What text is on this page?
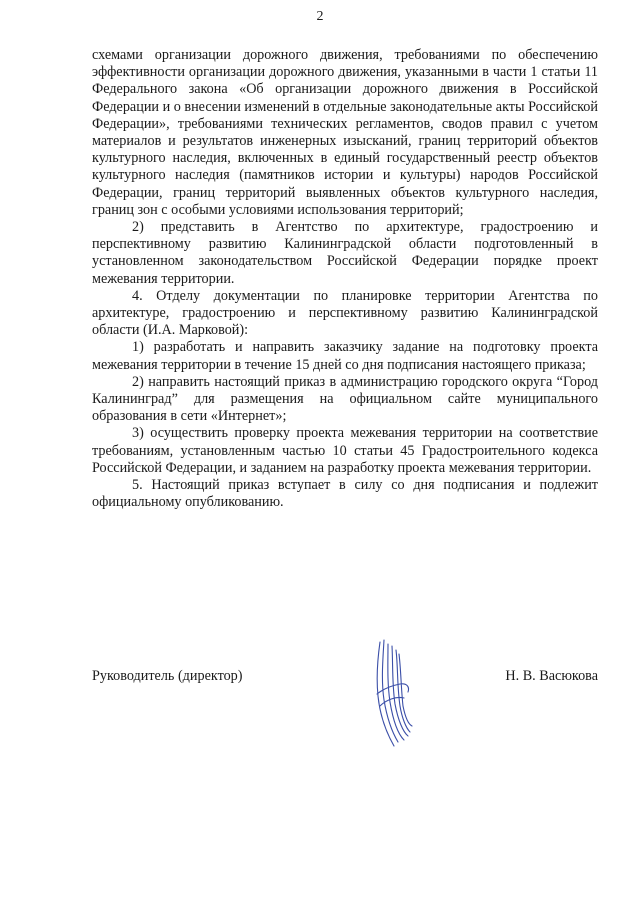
2

схемами организации дорожного движения, требованиями по обеспечению эффективности организации дорожного движения, указанными в части 1 статьи 11 Федерального закона «Об организации дорожного движения в Российской Федерации и о внесении изменений в отдельные законодательные акты Российской Федерации», требованиями технических регламентов, сводов правил с учетом материалов и результатов инженерных изысканий, границ территорий объектов культурного наследия, включенных в единый государственный реестр объектов культурного наследия (памятников истории и культуры) народов Российской Федерации, границ территорий выявленных объектов культурного наследия, границ зон с особыми условиями использования территорий;

2) представить в Агентство по архитектуре, градостроению и перспективному развитию Калининградской области подготовленный в установленном законодательством Российской Федерации порядке проект межевания территории.

4. Отделу документации по планировке территории Агентства по архитектуре, градостроению и перспективному развитию Калининградской области (И.А. Марковой):

1) разработать и направить заказчику задание на подготовку проекта межевания территории в течение 15 дней со дня подписания настоящего приказа;

2) направить настоящий приказ в администрацию городского округа “Город Калининград” для размещения на официальном сайте муниципального образования в сети «Интернет»;

3) осуществить проверку проекта межевания территории на соответствие требованиям, установленным частью 10 статьи 45 Градостроительного кодекса Российской Федерации, и заданием на разработку проекта межевания территории.

5. Настоящий приказ вступает в силу со дня подписания и подлежит официальному опубликованию.

Руководитель (директор)	Н. В. Васюкова
